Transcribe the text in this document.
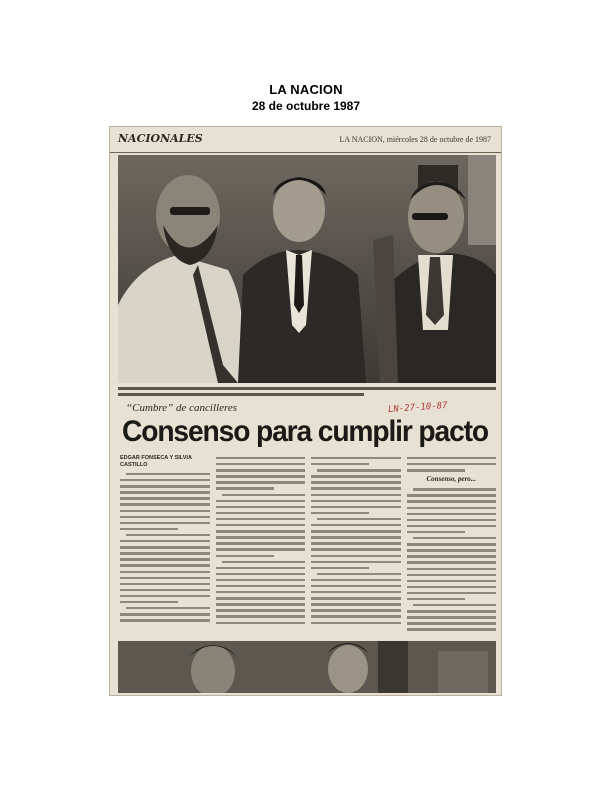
LA NACION
28 de octubre 1987
NACIONALES	LA NACION, miércoles 28 de octubre de 1987
“Cumbre” de cancilleres	LN-27-10-87
Consenso para cumplir pacto
EDGAR FONSECA Y SILVIA CASTILLO
Consenso, pero...
